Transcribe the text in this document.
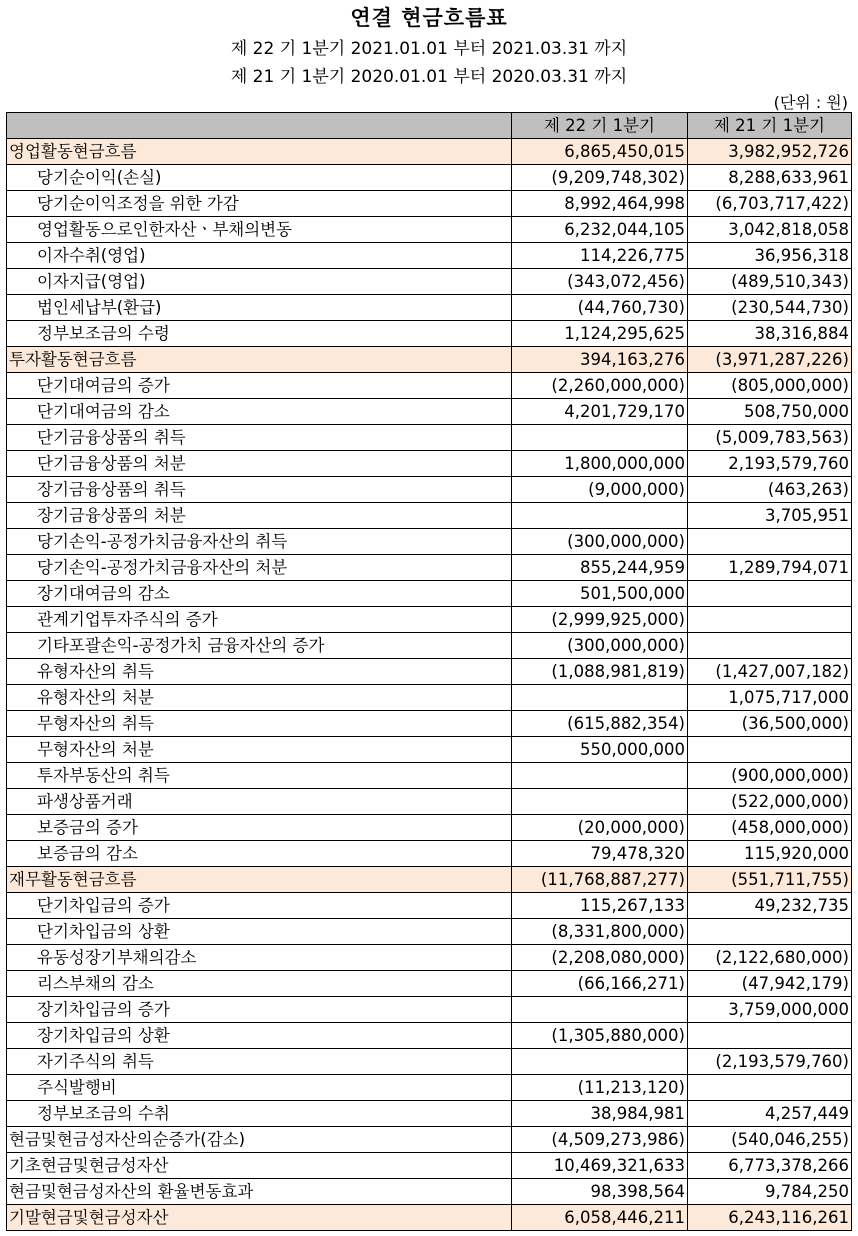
연결 현금흐름표
제 22 기 1분기 2021.01.01 부터 2021.03.31 까지
제 21 기 1분기 2020.01.01 부터 2020.03.31 까지
(단위 : 원)
	제 22 기 1분기	제 21 기 1분기
영업활동현금흐름	6,865,450,015	3,982,952,726
당기순이익(손실)	(9,209,748,302)	8,288,633,961
당기순이익조정을 위한 가감	8,992,464,998	(6,703,717,422)
영업활동으로인한자산ㆍ부채의변동	6,232,044,105	3,042,818,058
이자수취(영업)	114,226,775	36,956,318
이자지급(영업)	(343,072,456)	(489,510,343)
법인세납부(환급)	(44,760,730)	(230,544,730)
정부보조금의 수령	1,124,295,625	38,316,884
투자활동현금흐름	394,163,276	(3,971,287,226)
단기대여금의 증가	(2,260,000,000)	(805,000,000)
단기대여금의 감소	4,201,729,170	508,750,000
단기금융상품의 취득		(5,009,783,563)
단기금융상품의 처분	1,800,000,000	2,193,579,760
장기금융상품의 취득	(9,000,000)	(463,263)
장기금융상품의 처분		3,705,951
당기손익-공정가치금융자산의 취득	(300,000,000)	
당기손익-공정가치금융자산의 처분	855,244,959	1,289,794,071
장기대여금의 감소	501,500,000	
관계기업투자주식의 증가	(2,999,925,000)	
기타포괄손익-공정가치 금융자산의 증가	(300,000,000)	
유형자산의 취득	(1,088,981,819)	(1,427,007,182)
유형자산의 처분		1,075,717,000
무형자산의 취득	(615,882,354)	(36,500,000)
무형자산의 처분	550,000,000	
투자부동산의 취득		(900,000,000)
파생상품거래		(522,000,000)
보증금의 증가	(20,000,000)	(458,000,000)
보증금의 감소	79,478,320	115,920,000
재무활동현금흐름	(11,768,887,277)	(551,711,755)
단기차입금의 증가	115,267,133	49,232,735
단기차입금의 상환	(8,331,800,000)	
유동성장기부채의감소	(2,208,080,000)	(2,122,680,000)
리스부채의 감소	(66,166,271)	(47,942,179)
장기차입금의 증가		3,759,000,000
장기차입금의 상환	(1,305,880,000)	
자기주식의 취득		(2,193,579,760)
주식발행비	(11,213,120)	
정부보조금의 수취	38,984,981	4,257,449
현금및현금성자산의순증가(감소)	(4,509,273,986)	(540,046,255)
기초현금및현금성자산	10,469,321,633	6,773,378,266
현금및현금성자산의 환율변동효과	98,398,564	9,784,250
기말현금및현금성자산	6,058,446,211	6,243,116,261
